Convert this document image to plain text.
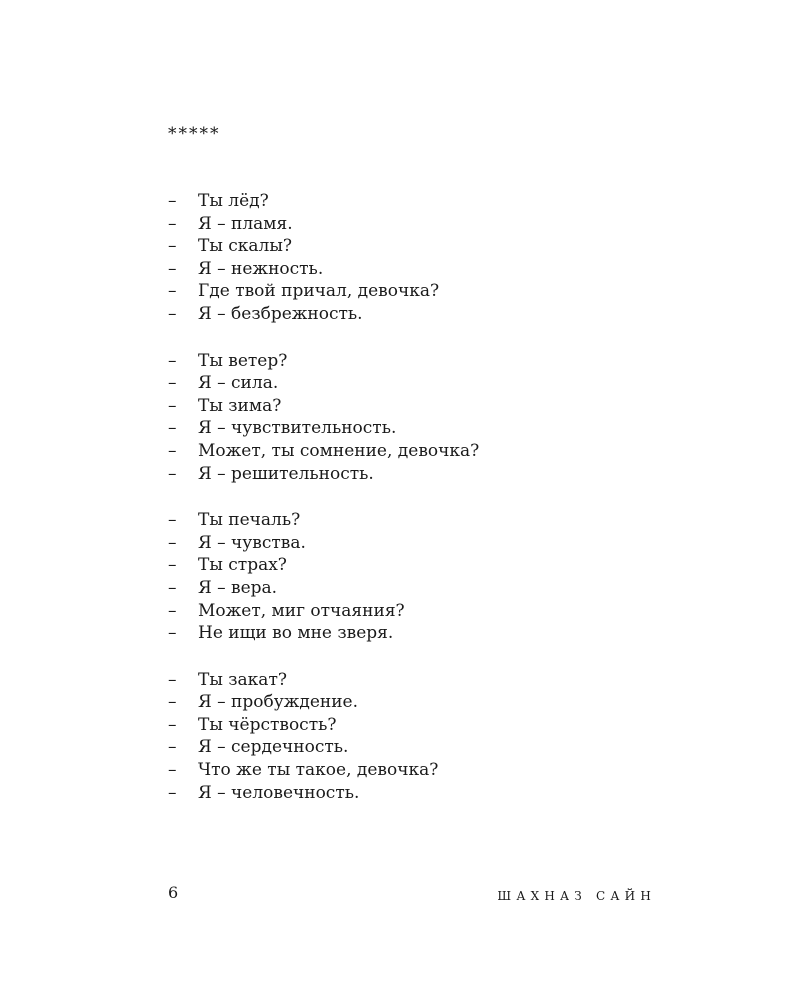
*****
–	Ты лёд?
–	Я – пламя.
–	Ты скалы?
–	Я – нежность.
–	Где твой причал, девочка?
–	Я – безбрежность.
–	Ты ветер?
–	Я – сила.
–	Ты зима?
–	Я – чувствительность.
–	Может, ты сомнение, девочка?
–	Я – решительность.
–	Ты печаль?
–	Я – чувства.
–	Ты страх?
–	Я – вера.
–	Может, миг отчаяния?
–	Не ищи во мне зверя.
–	Ты закат?
–	Я – пробуждение.
–	Ты чёрствость?
–	Я – сердечность.
–	Что же ты такое, девочка?
–	Я – человечность.
6	ШАХНАЗ САЙН
